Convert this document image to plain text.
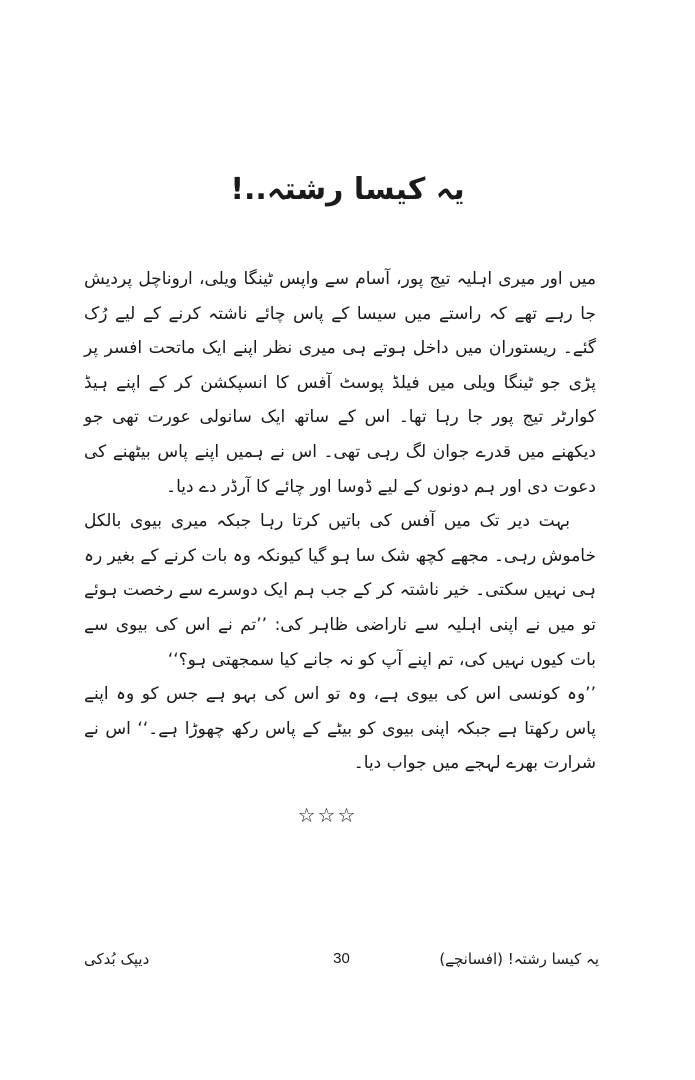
یہ کیسا رشتہ..!

میں اور میری اہلیہ تیج پور، آسام سے واپس ٹینگا ویلی، اروناچل پردیش جا رہے تھے کہ راستے میں سیسا کے پاس چائے ناشتہ کرنے کے لیے رُک گئے۔ ریستوران میں داخل ہوتے ہی میری نظر اپنے ایک ماتحت افسر پر پڑی جو ٹینگا ویلی میں فیلڈ پوسٹ آفس کا انسپکشن کر کے اپنے ہیڈ کوارٹر تیج پور جا رہا تھا۔ اس کے ساتھ ایک سانولی عورت تھی جو دیکھنے میں قدرے جوان لگ رہی تھی۔ اس نے ہمیں اپنے پاس بیٹھنے کی دعوت دی اور ہم دونوں کے لیے ڈوسا اور چائے کا آرڈر دے دیا۔

بہت دیر تک میں آفس کی باتیں کرتا رہا جبکہ میری بیوی بالکل خاموش رہی۔ مجھے کچھ شک سا ہو گیا کیونکہ وہ بات کرنے کے بغیر رہ ہی نہیں سکتی۔ خیر ناشتہ کر کے جب ہم ایک دوسرے سے رخصت ہوئے تو میں نے اپنی اہلیہ سے ناراضی ظاہر کی: ’’تم نے اس کی بیوی سے بات کیوں نہیں کی، تم اپنے آپ کو نہ جانے کیا سمجھتی ہو؟‘‘

’’وہ کونسی اس کی بیوی ہے، وہ تو اس کی بہو ہے جس کو وہ اپنے پاس رکھتا ہے جبکہ اپنی بیوی کو بیٹے کے پاس رکھ چھوڑا ہے۔‘‘ اس نے شرارت بھرے لہجے میں جواب دیا۔

☆☆☆
دیپک بُدکی	30	یہ کیسا رشتہ! (افسانچے)
